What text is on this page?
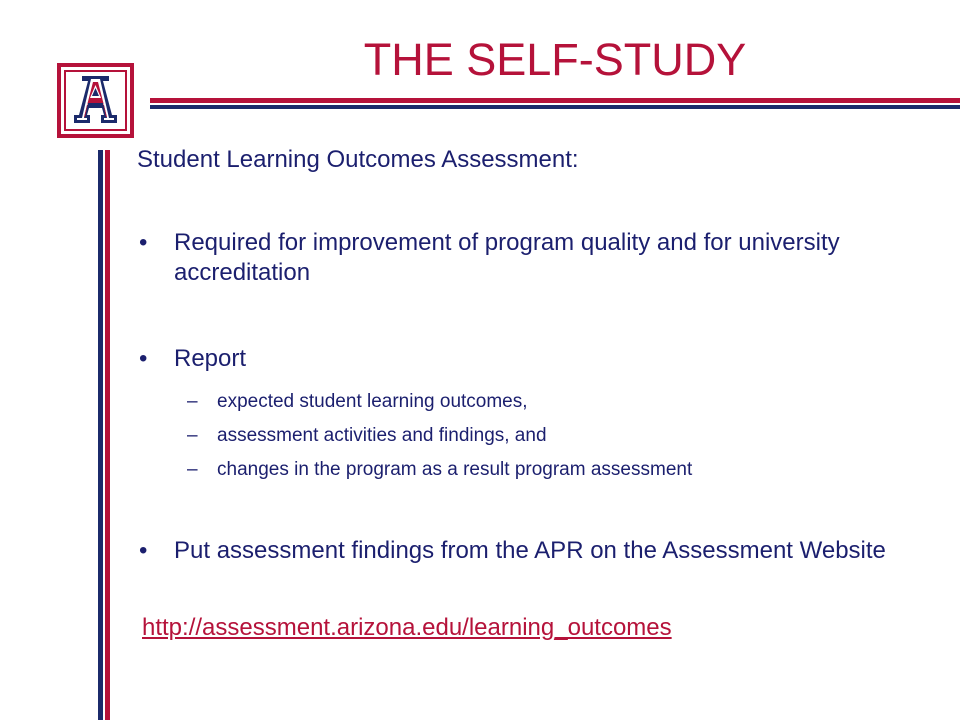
THE SELF-STUDY

Student Learning Outcomes Assessment:

• Required for improvement of program quality and for university accreditation
• Report
– expected student learning outcomes,
– assessment activities and findings, and
– changes in the program as a result program assessment
• Put assessment findings from the APR on the Assessment Website
http://assessment.arizona.edu/learning_outcomes
